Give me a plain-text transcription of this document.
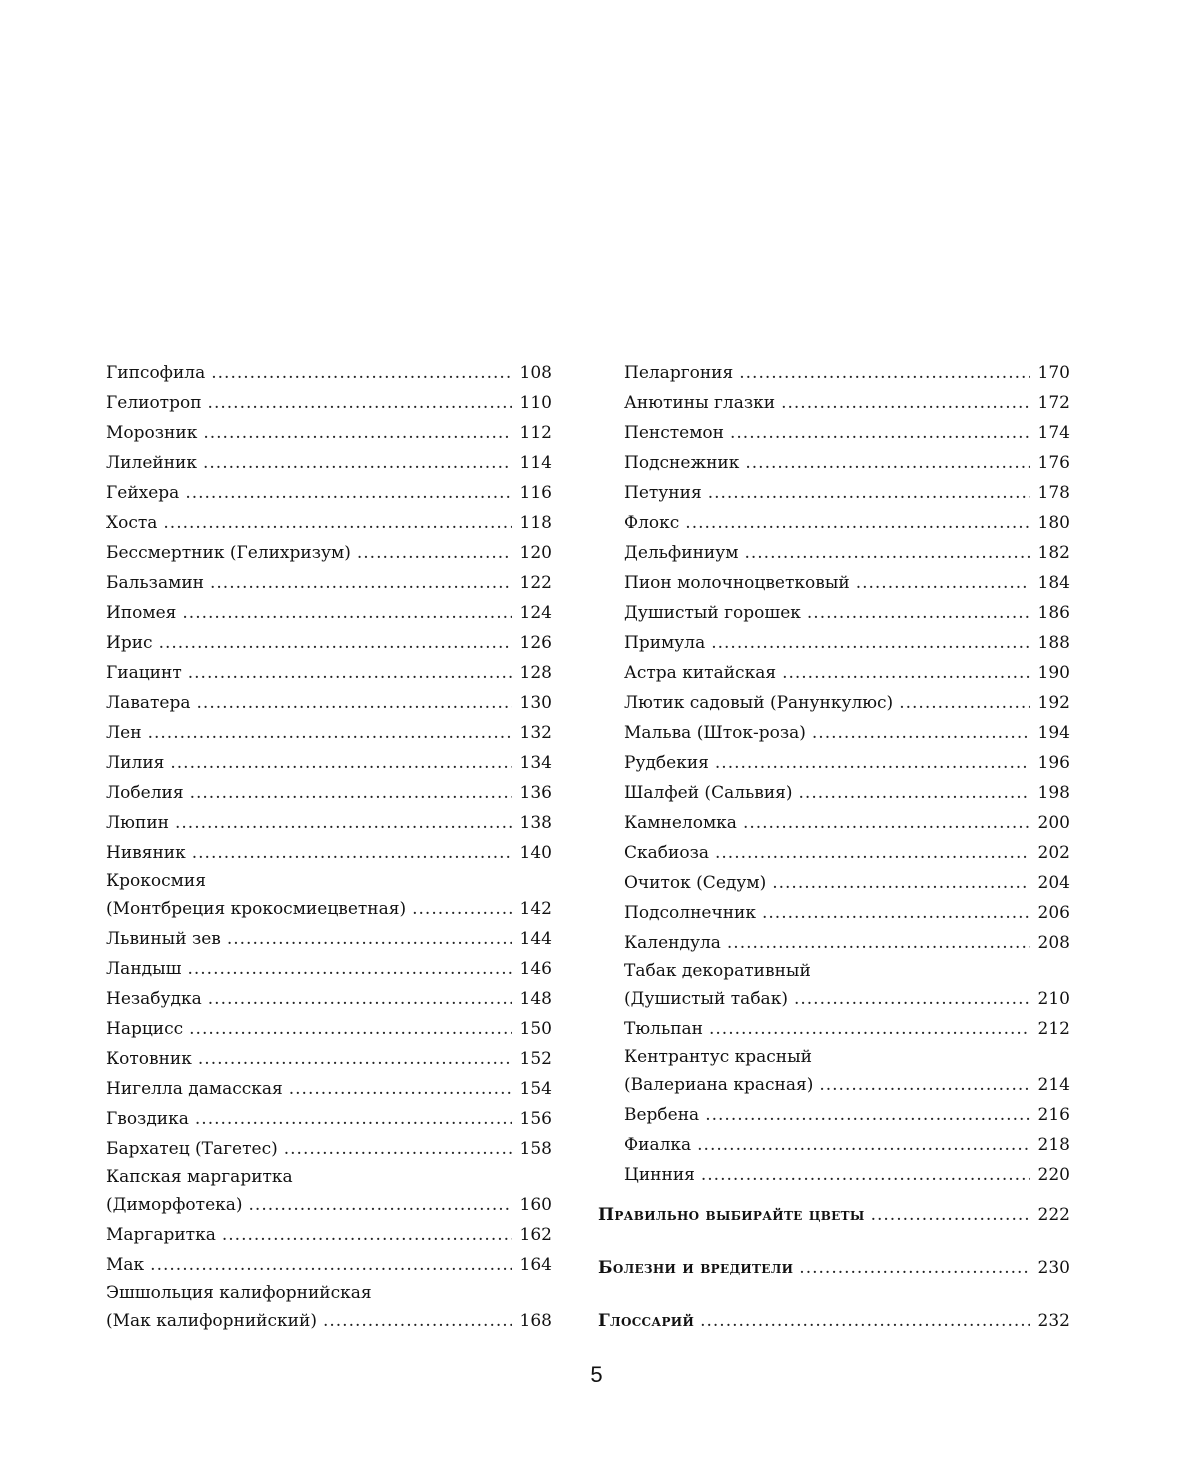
Гипсофила .....	108
Гелиотроп .....	110
Морозник .....	112
Лилейник .....	114
Гейхера .....	116
Хоста .....	118
Бессмертник (Гелихризум) .....	120
Бальзамин .....	122
Ипомея .....	124
Ирис .....	126
Гиацинт .....	128
Лаватера .....	130
Лен .....	132
Лилия .....	134
Лобелия .....	136
Люпин .....	138
Нивяник .....	140
Крокосмия
(Монтбреция крокосмиецветная) .....	142
Львиный зев .....	144
Ландыш .....	146
Незабудка .....	148
Нарцисс .....	150
Котовник .....	152
Нигелла дамасская .....	154
Гвоздика .....	156
Бархатец (Тагетес) .....	158
Капская маргаритка
(Диморфотека) .....	160
Маргаритка .....	162
Мак .....	164
Эшшольция калифорнийская
(Мак калифорнийский) .....	168
Пеларгония .....	170
Анютины глазки .....	172
Пенстемон .....	174
Подснежник .....	176
Петуния .....	178
Флокс .....	180
Дельфиниум .....	182
Пион молочноцветковый .....	184
Душистый горошек .....	186
Примула .....	188
Астра китайская .....	190
Лютик садовый (Ранункулюс) .....	192
Мальва (Шток-роза) .....	194
Рудбекия .....	196
Шалфей (Сальвия) .....	198
Камнеломка .....	200
Скабиоза .....	202
Очиток (Седум) .....	204
Подсолнечник .....	206
Календула .....	208
Табак декоративный
(Душистый табак) .....	210
Тюльпан .....	212
Кентрантус красный
(Валериана красная) .....	214
Вербена .....	216
Фиалка .....	218
Цинния .....	220
Правильно выбирайте цветы .....	222
Болезни и вредители .....	230
Глоссарий .....	232
5
